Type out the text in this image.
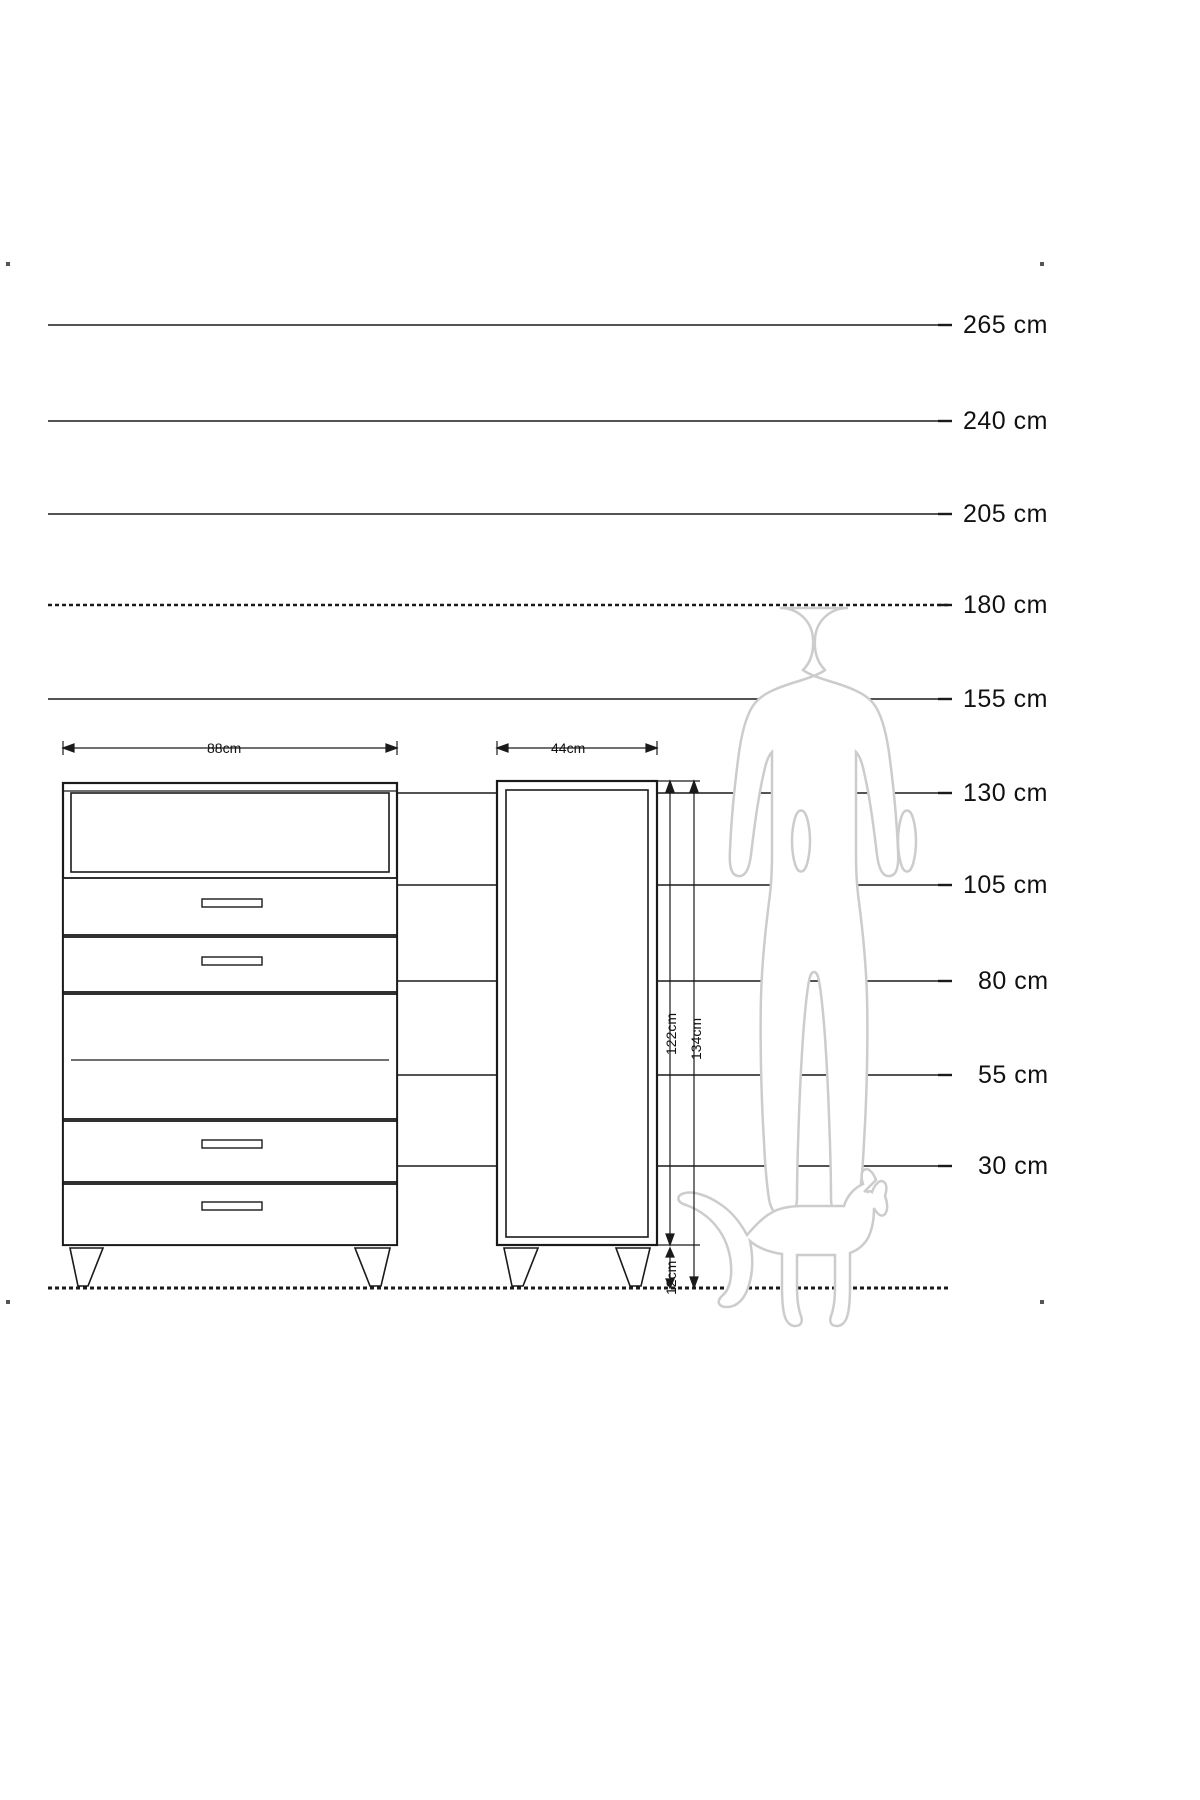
265 cm
240 cm
205 cm
180 cm
155 cm
130 cm
105 cm
80 cm
55 cm
30 cm
88cm	44cm
122cm 134cm
12cm
